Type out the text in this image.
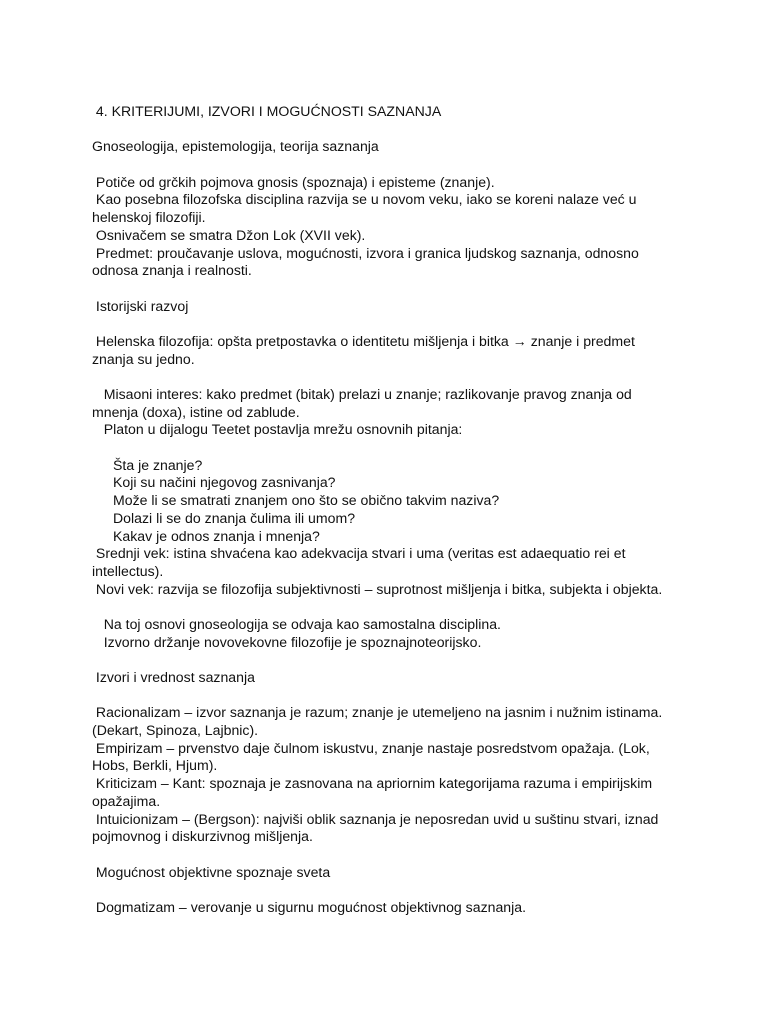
4. KRITERIJUMI, IZVORI I MOGUĆNOSTI SAZNANJA

Gnoseologija, epistemologija, teorija saznanja

Potiče od grčkih pojmova gnosis (spoznaja) i episteme (znanje).

Kao posebna filozofska disciplina razvija se u novom veku, iako se koreni nalaze već u

helenskoj filozofiji.

Osnivačem se smatra Džon Lok (XVII vek).

Predmet: proučavanje uslova, mogućnosti, izvora i granica ljudskog saznanja, odnosno

odnosa znanja i realnosti.

Istorijski razvoj

Helenska filozofija: opšta pretpostavka o identitetu mišljenja i bitka → znanje i predmet

znanja su jedno.

Misaoni interes: kako predmet (bitak) prelazi u znanje; razlikovanje pravog znanja od

mnenja (doxa), istine od zablude.

Platon u dijalogu Teetet postavlja mrežu osnovnih pitanja:

Šta je znanje?

Koji su načini njegovog zasnivanja?

Može li se smatrati znanjem ono što se obično takvim naziva?

Dolazi li se do znanja čulima ili umom?

Kakav je odnos znanja i mnenja?

Srednji vek: istina shvaćena kao adekvacija stvari i uma (veritas est adaequatio rei et

intellectus).

Novi vek: razvija se filozofija subjektivnosti – suprotnost mišljenja i bitka, subjekta i objekta.

Na toj osnovi gnoseologija se odvaja kao samostalna disciplina.

Izvorno držanje novovekovne filozofije je spoznajnoteorijsko.

Izvori i vrednost saznanja

Racionalizam – izvor saznanja je razum; znanje je utemeljeno na jasnim i nužnim istinama.

(Dekart, Spinoza, Lajbnic).

Empirizam – prvenstvo daje čulnom iskustvu, znanje nastaje posredstvom opažaja. (Lok,

Hobs, Berkli, Hjum).

Kriticizam – Kant: spoznaja je zasnovana na apriornim kategorijama razuma i empirijskim

opažajima.

Intuicionizam – (Bergson): najviši oblik saznanja je neposredan uvid u suštinu stvari, iznad

pojmovnog i diskurzivnog mišljenja.

Mogućnost objektivne spoznaje sveta

Dogmatizam – verovanje u sigurnu mogućnost objektivnog saznanja.
